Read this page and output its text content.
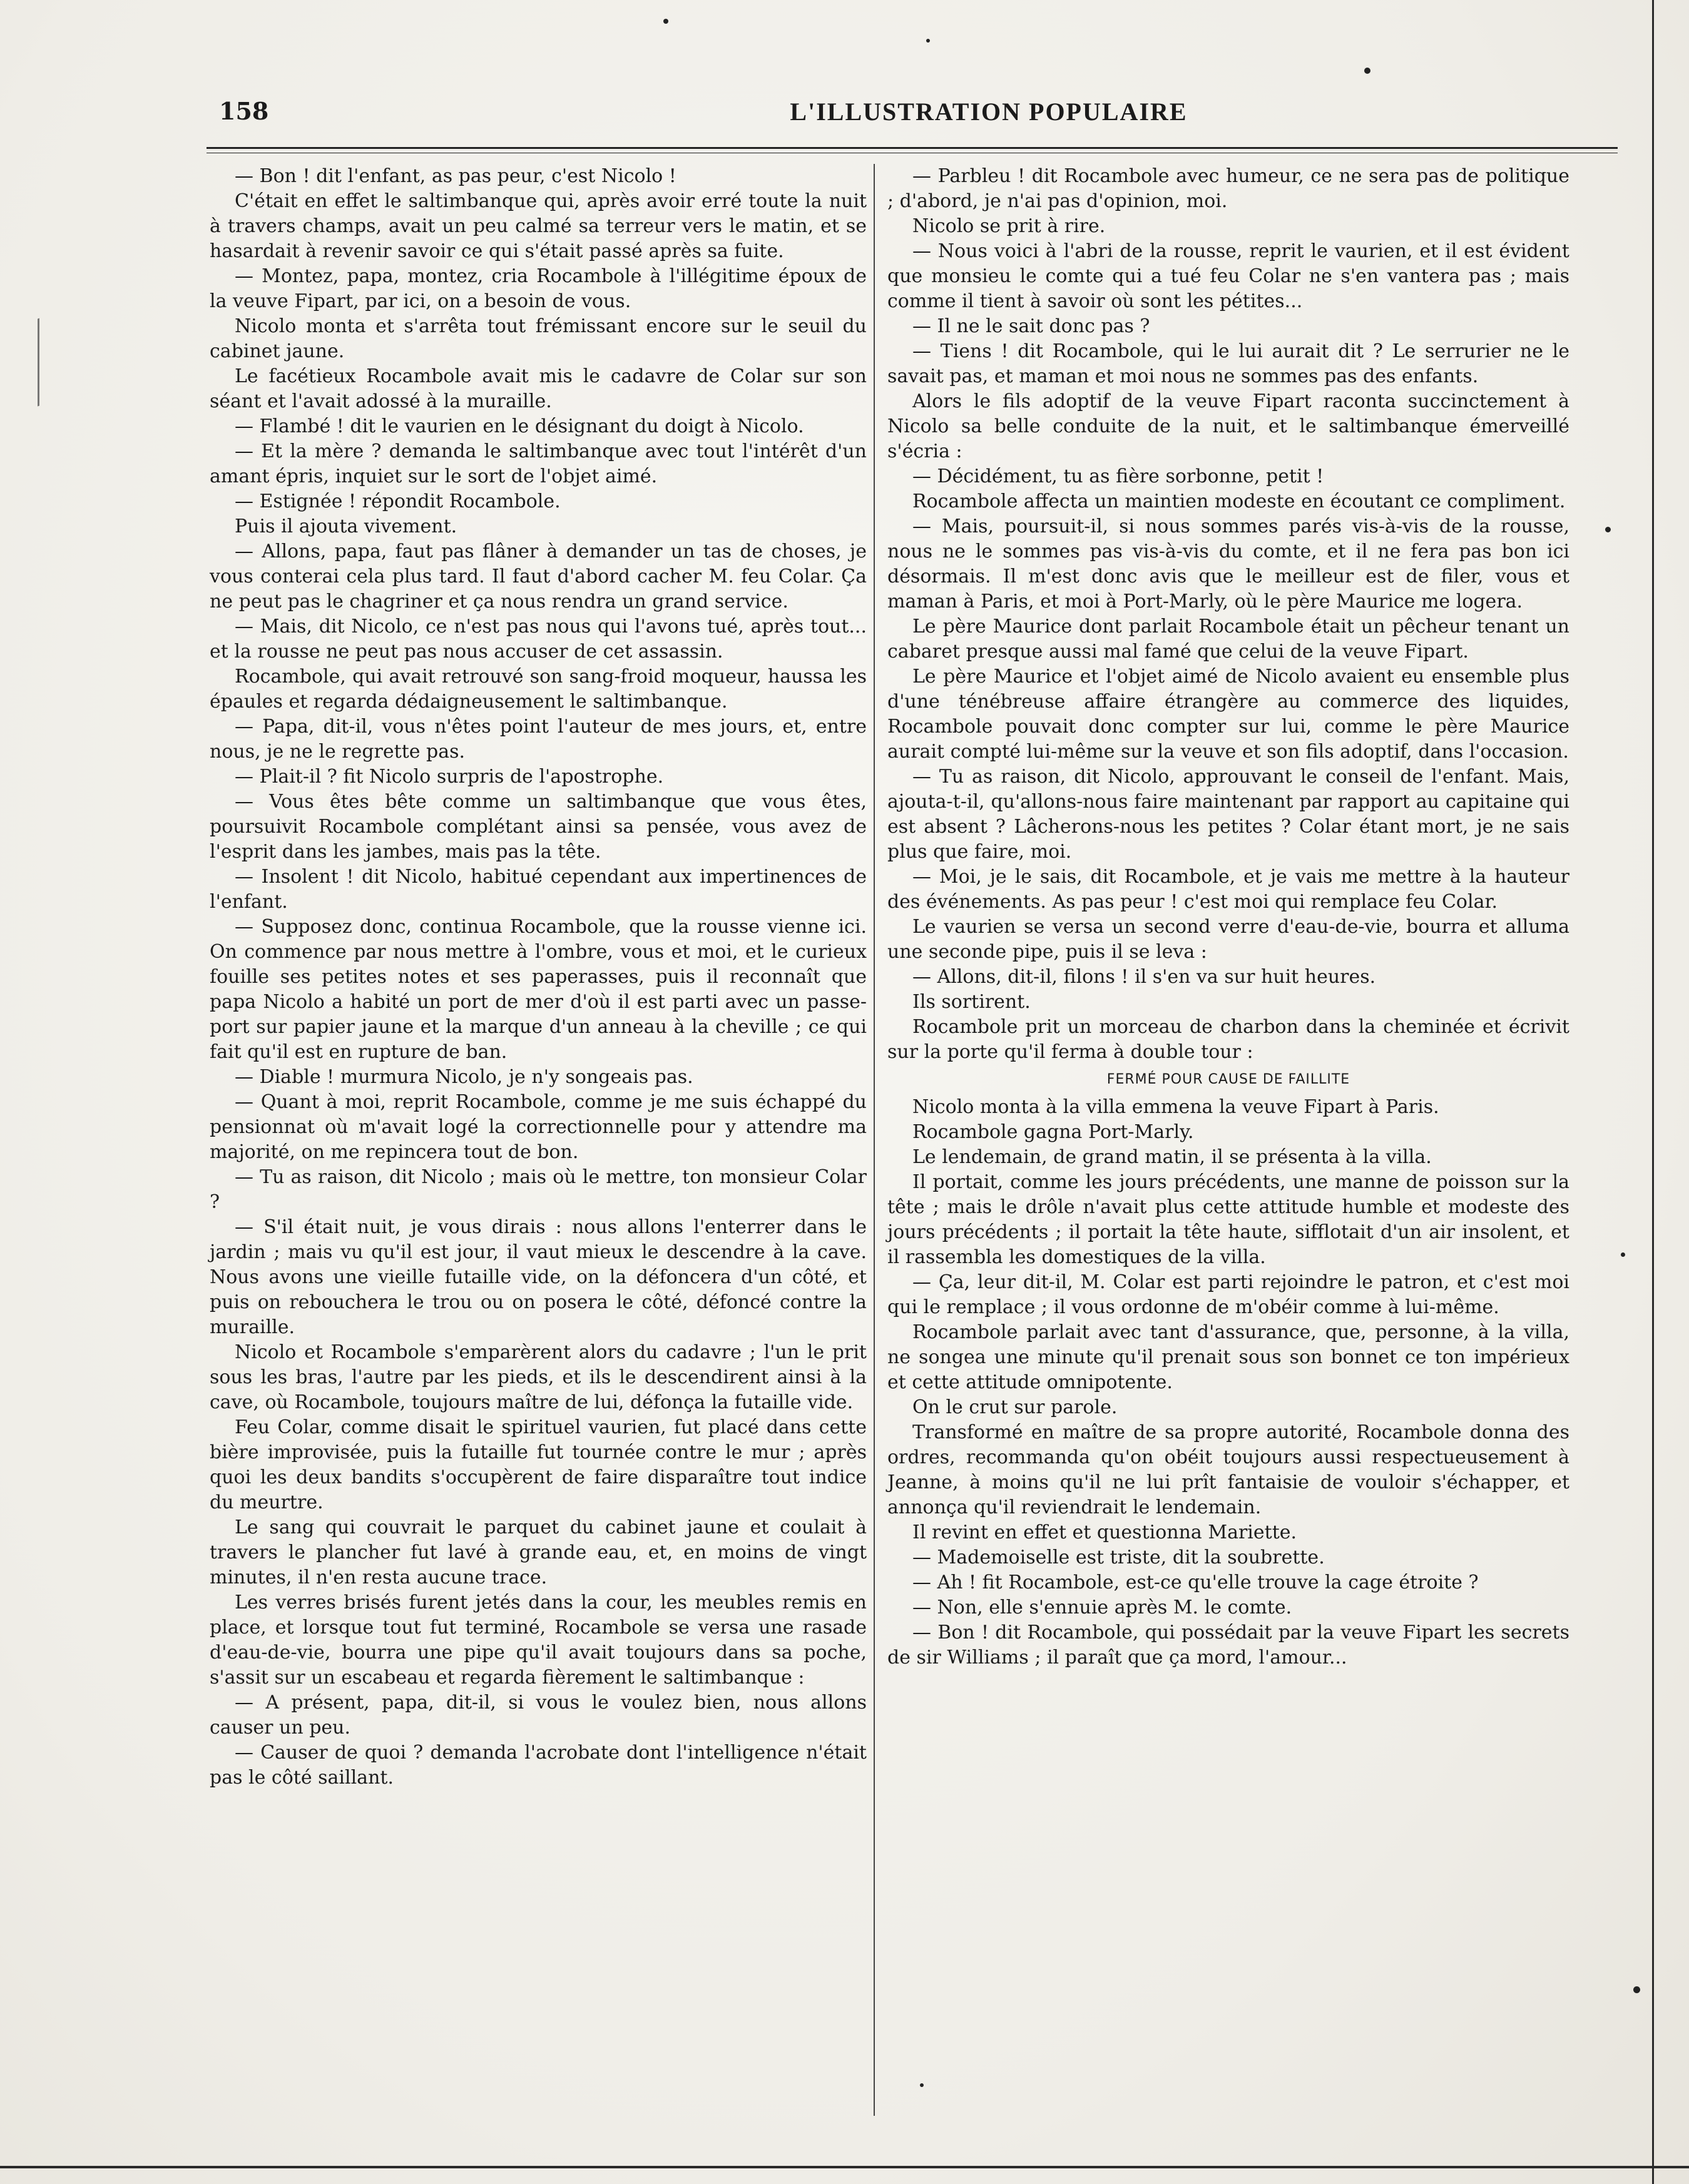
158	L'ILLUSTRATION POPULAIRE

— Bon ! dit l'enfant, as pas peur, c'est Nicolo !

C'était en effet le saltimbanque qui, après avoir erré toute la nuit à travers champs, avait un peu calmé sa terreur vers le matin, et se hasardait à revenir savoir ce qui s'était passé après sa fuite.

— Montez, papa, montez, cria Rocambole à l'illégitime époux de la veuve Fipart, par ici, on a besoin de vous.

Nicolo monta et s'arrêta tout frémissant encore sur le seuil du cabinet jaune.

Le facétieux Rocambole avait mis le cadavre de Colar sur son séant et l'avait adossé à la muraille.

— Flambé ! dit le vaurien en le désignant du doigt à Nicolo.

— Et la mère ? demanda le saltimbanque avec tout l'intérêt d'un amant épris, inquiet sur le sort de l'objet aimé.

— Estignée ! répondit Rocambole.

Puis il ajouta vivement.

— Allons, papa, faut pas flâner à demander un tas de choses, je vous conterai cela plus tard. Il faut d'abord cacher M. feu Colar. Ça ne peut pas le chagriner et ça nous rendra un grand service.

— Mais, dit Nicolo, ce n'est pas nous qui l'avons tué, après tout... et la rousse ne peut pas nous accuser de cet assassin.

Rocambole, qui avait retrouvé son sang-froid moqueur, haussa les épaules et regarda dédaigneusement le saltimbanque.

— Papa, dit-il, vous n'êtes point l'auteur de mes jours, et, entre nous, je ne le regrette pas.

— Plait-il ? fit Nicolo surpris de l'apostrophe.

— Vous êtes bête comme un saltimbanque que vous êtes, poursuivit Rocambole complétant ainsi sa pensée, vous avez de l'esprit dans les jambes, mais pas la tête.

— Insolent ! dit Nicolo, habitué cependant aux impertinences de l'enfant.

— Supposez donc, continua Rocambole, que la rousse vienne ici. On commence par nous mettre à l'ombre, vous et moi, et le curieux fouille ses petites notes et ses paperasses, puis il reconnaît que papa Nicolo a habité un port de mer d'où il est parti avec un passe-port sur papier jaune et la marque d'un anneau à la cheville ; ce qui fait qu'il est en rupture de ban.

— Diable ! murmura Nicolo, je n'y songeais pas.

— Quant à moi, reprit Rocambole, comme je me suis échappé du pensionnat où m'avait logé la correctionnelle pour y attendre ma majorité, on me repincera tout de bon.

— Tu as raison, dit Nicolo ; mais où le mettre, ton monsieur Colar ?

— S'il était nuit, je vous dirais : nous allons l'enterrer dans le jardin ; mais vu qu'il est jour, il vaut mieux le descendre à la cave. Nous avons une vieille futaille vide, on la défoncera d'un côté, et puis on rebouchera le trou ou on posera le côté, défoncé contre la muraille.

Nicolo et Rocambole s'emparèrent alors du cadavre ; l'un le prit sous les bras, l'autre par les pieds, et ils le descendirent ainsi à la cave, où Rocambole, toujours maître de lui, défonça la futaille vide.

Feu Colar, comme disait le spirituel vaurien, fut placé dans cette bière improvisée, puis la futaille fut tournée contre le mur ; après quoi les deux bandits s'occupèrent de faire disparaître tout indice du meurtre.

Le sang qui couvrait le parquet du cabinet jaune et coulait à travers le plancher fut lavé à grande eau, et, en moins de vingt minutes, il n'en resta aucune trace.

Les verres brisés furent jetés dans la cour, les meubles remis en place, et lorsque tout fut terminé, Rocambole se versa une rasade d'eau-de-vie, bourra une pipe qu'il avait toujours dans sa poche, s'assit sur un escabeau et regarda fièrement le saltimbanque :

— A présent, papa, dit-il, si vous le voulez bien, nous allons causer un peu.

— Causer de quoi ? demanda l'acrobate dont l'intelligence n'était pas le côté saillant.

— Parbleu ! dit Rocambole avec humeur, ce ne sera pas de politique ; d'abord, je n'ai pas d'opinion, moi.

Nicolo se prit à rire.

— Nous voici à l'abri de la rousse, reprit le vaurien, et il est évident que monsieu le comte qui a tué feu Colar ne s'en vantera pas ; mais comme il tient à savoir où sont les pétites...

— Il ne le sait donc pas ?

— Tiens ! dit Rocambole, qui le lui aurait dit ? Le serrurier ne le savait pas, et maman et moi nous ne sommes pas des enfants.

Alors le fils adoptif de la veuve Fipart raconta succinctement à Nicolo sa belle conduite de la nuit, et le saltimbanque émerveillé s'écria :

— Décidément, tu as fière sorbonne, petit !

Rocambole affecta un maintien modeste en écoutant ce compliment.

— Mais, poursuit-il, si nous sommes parés vis-à-vis de la rousse, nous ne le sommes pas vis-à-vis du comte, et il ne fera pas bon ici désormais. Il m'est donc avis que le meilleur est de filer, vous et maman à Paris, et moi à Port-Marly, où le père Maurice me logera.

Le père Maurice dont parlait Rocambole était un pêcheur tenant un cabaret presque aussi mal famé que celui de la veuve Fipart.

Le père Maurice et l'objet aimé de Nicolo avaient eu ensemble plus d'une ténébreuse affaire étrangère au commerce des liquides, Rocambole pouvait donc compter sur lui, comme le père Maurice aurait compté lui-même sur la veuve et son fils adoptif, dans l'occasion.

— Tu as raison, dit Nicolo, approuvant le conseil de l'enfant. Mais, ajouta-t-il, qu'allons-nous faire maintenant par rapport au capitaine qui est absent ? Lâcherons-nous les petites ? Colar étant mort, je ne sais plus que faire, moi.

— Moi, je le sais, dit Rocambole, et je vais me mettre à la hauteur des événements. As pas peur ! c'est moi qui remplace feu Colar.

Le vaurien se versa un second verre d'eau-de-vie, bourra et alluma une seconde pipe, puis il se leva :

— Allons, dit-il, filons ! il s'en va sur huit heures.

Ils sortirent.

Rocambole prit un morceau de charbon dans la cheminée et écrivit sur la porte qu'il ferma à double tour :

FERMÉ POUR CAUSE DE FAILLITE

Nicolo monta à la villa emmena la veuve Fipart à Paris.

Rocambole gagna Port-Marly.

Le lendemain, de grand matin, il se présenta à la villa.

Il portait, comme les jours précédents, une manne de poisson sur la tête ; mais le drôle n'avait plus cette attitude humble et modeste des jours précédents ; il portait la tête haute, sifflotait d'un air insolent, et il rassembla les domestiques de la villa.

— Ça, leur dit-il, M. Colar est parti rejoindre le patron, et c'est moi qui le remplace ; il vous ordonne de m'obéir comme à lui-même.

Rocambole parlait avec tant d'assurance, que, personne, à la villa, ne songea une minute qu'il prenait sous son bonnet ce ton impérieux et cette attitude omnipotente.

On le crut sur parole.

Transformé en maître de sa propre autorité, Rocambole donna des ordres, recommanda qu'on obéit toujours aussi respectueusement à Jeanne, à moins qu'il ne lui prît fantaisie de vouloir s'échapper, et annonça qu'il reviendrait le lendemain.

Il revint en effet et questionna Mariette.

— Mademoiselle est triste, dit la soubrette.

— Ah ! fit Rocambole, est-ce qu'elle trouve la cage étroite ?

— Non, elle s'ennuie après M. le comte.

— Bon ! dit Rocambole, qui possédait par la veuve Fipart les secrets de sir Williams ; il paraît que ça mord, l'amour...
